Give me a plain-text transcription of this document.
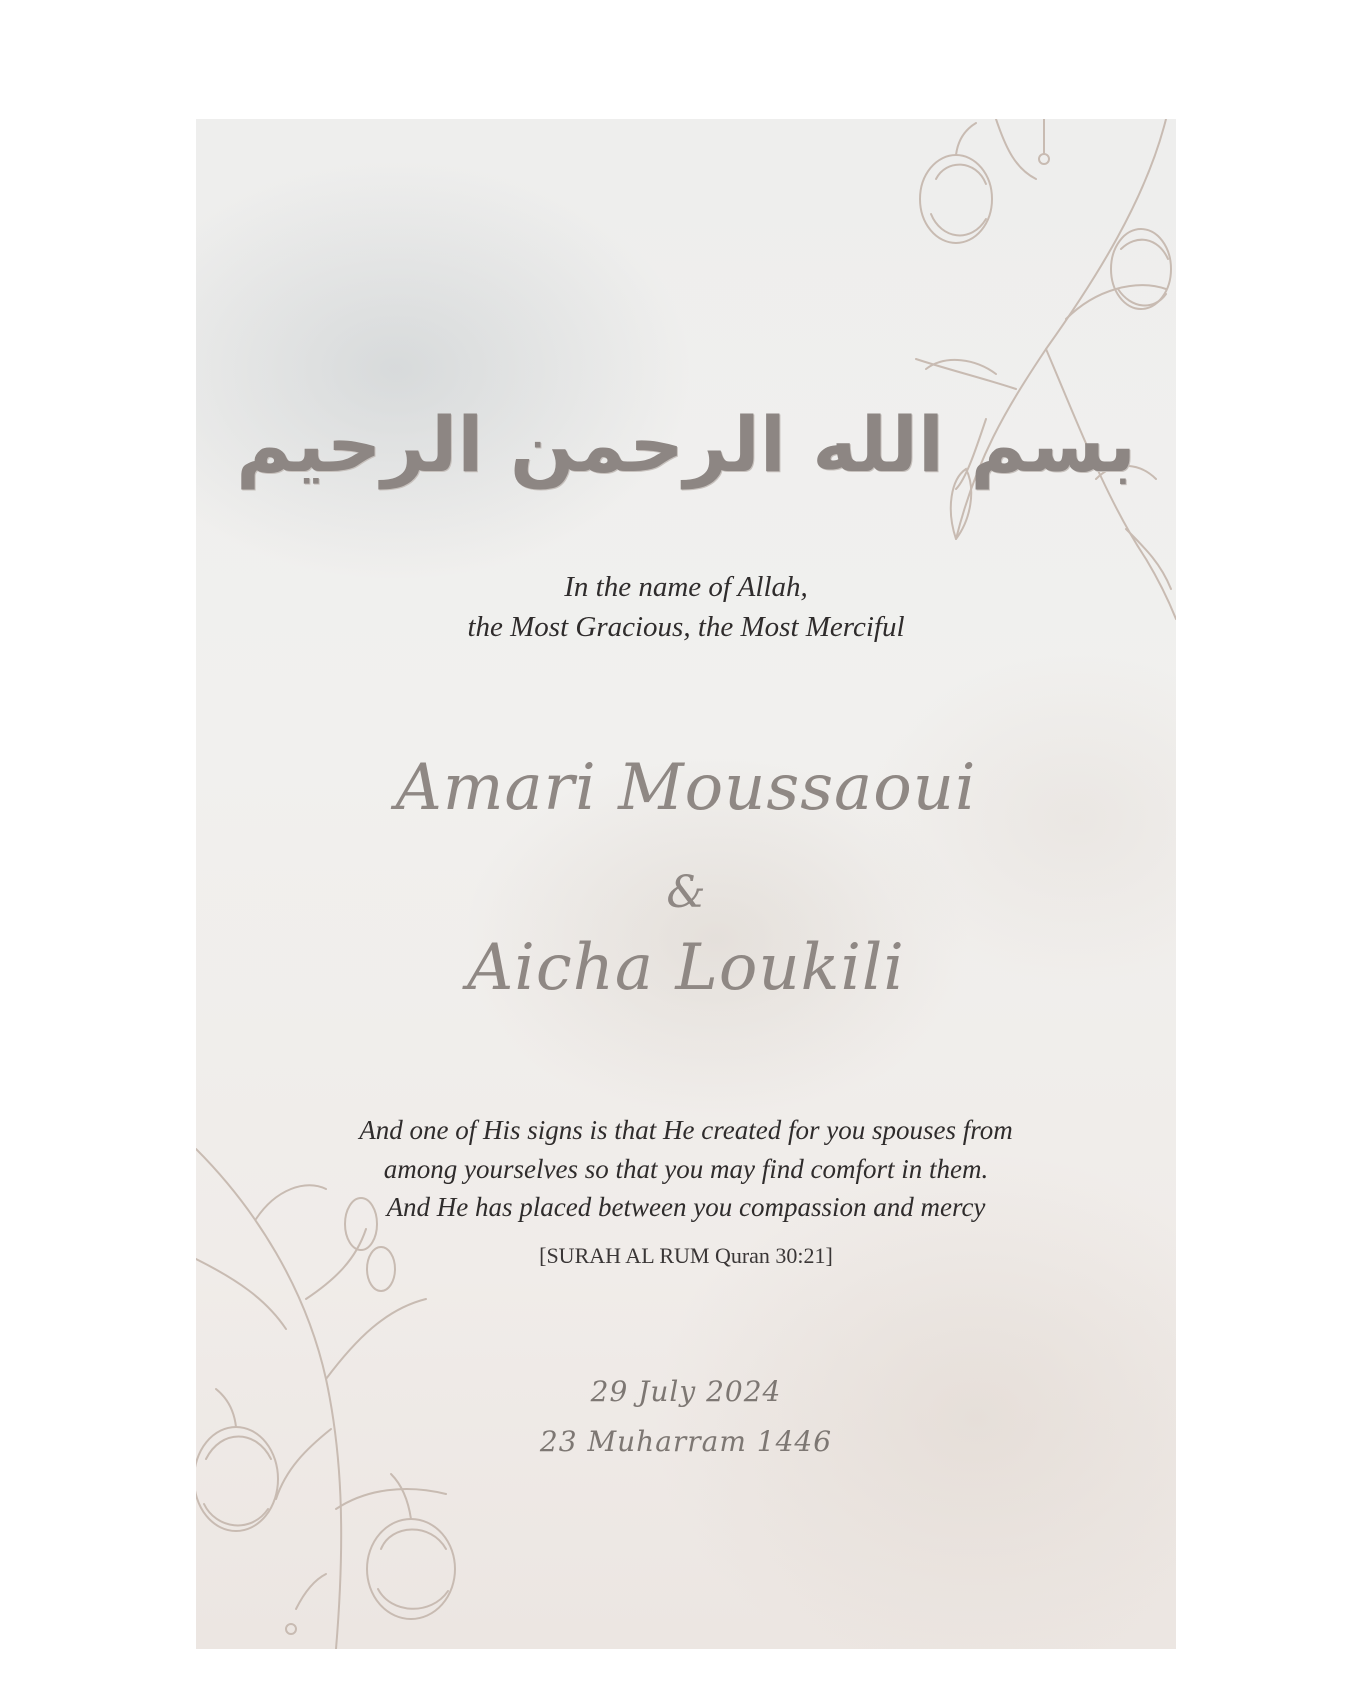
بسم الله الرحمن الرحيم
In the name of Allah,
the Most Gracious, the Most Merciful
Amari Moussaoui
&
Aicha Loukili
And one of His signs is that He created for you spouses from
among yourselves so that you may find comfort in them.
And He has placed between you compassion and mercy
[SURAH AL RUM Quran 30:21]
29 July 2024
23 Muharram 1446
